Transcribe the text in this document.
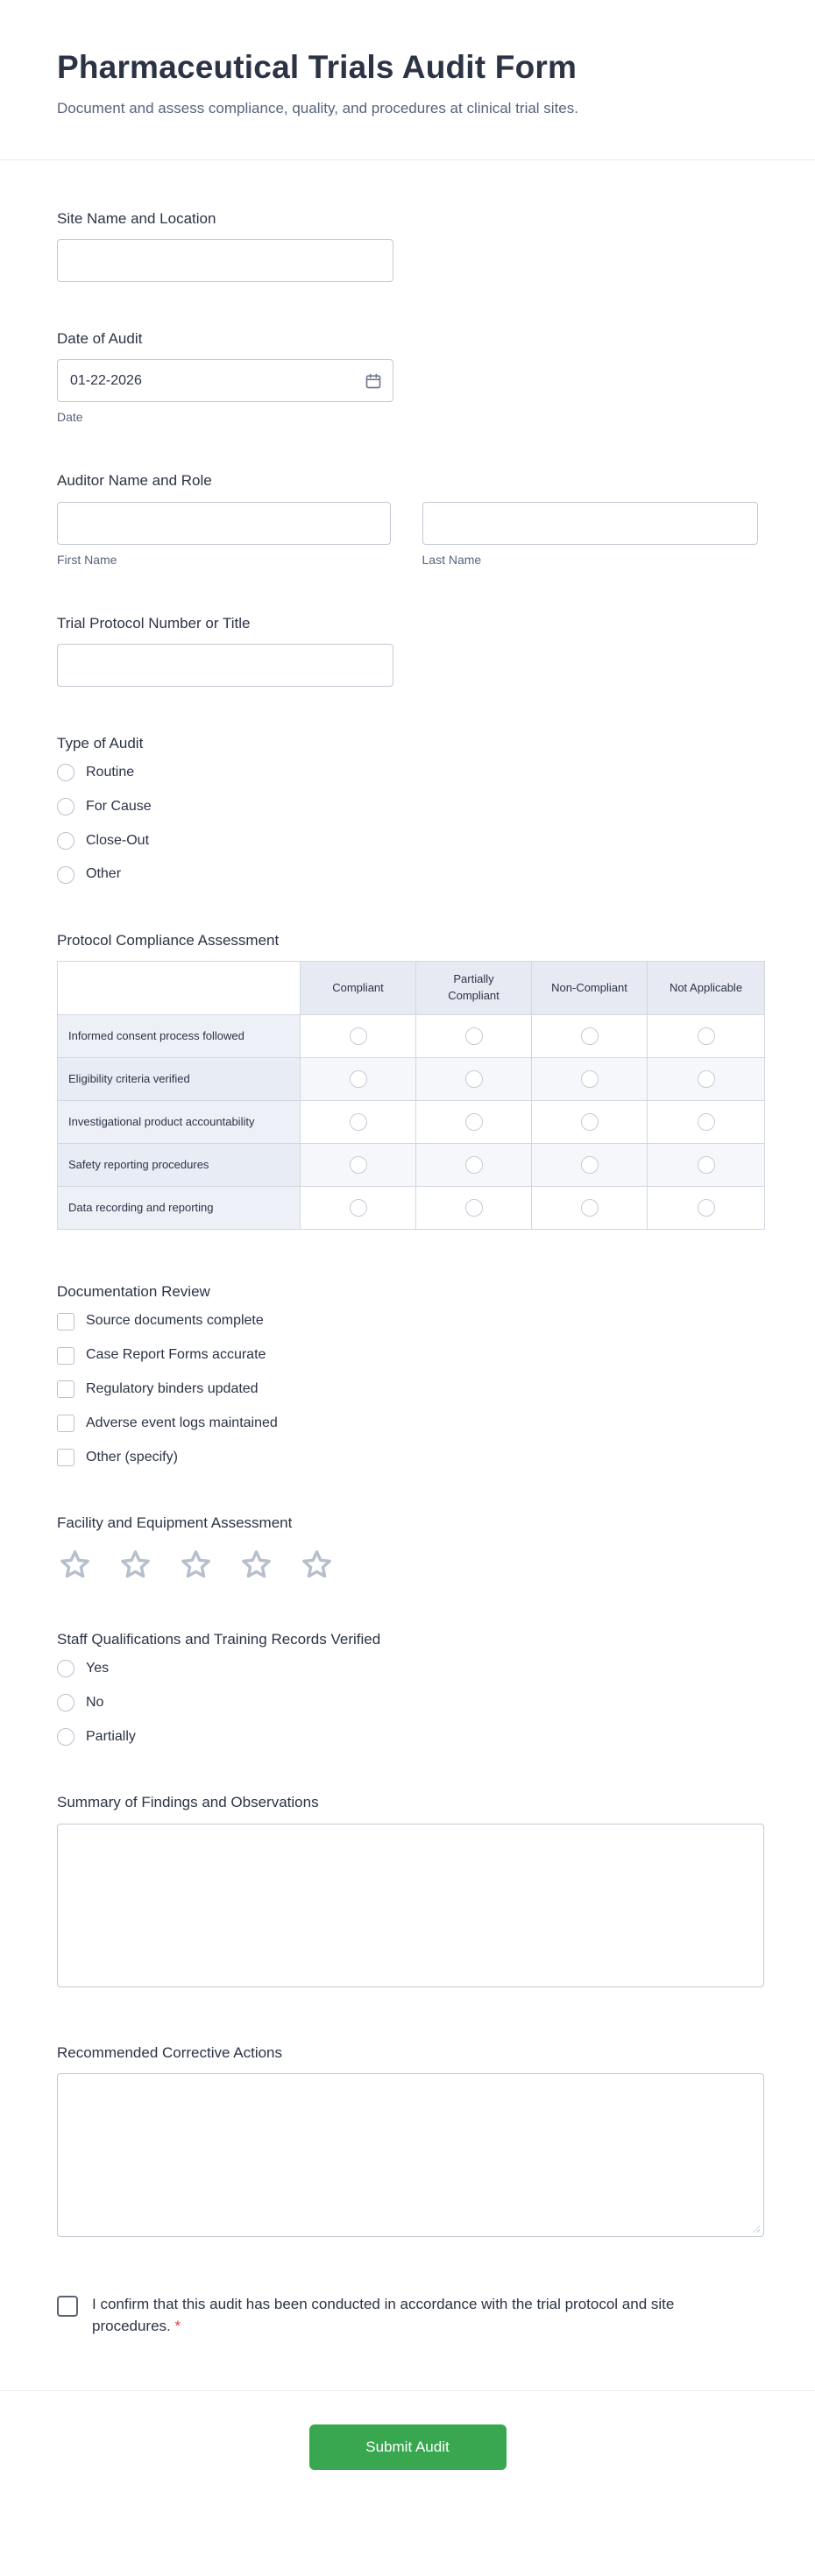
Pharmaceutical Trials Audit Form

Document and assess compliance, quality, and procedures at clinical trial sites.

Site Name and Location
Date of Audit
01-22-2026
Date
Auditor Name and Role
First Name	Last Name
Trial Protocol Number or Title
Type of Audit
Routine
For Cause
Close-Out
Other
Protocol Compliance Assessment
	Compliant	Partially Compliant	Non-Compliant	Not Applicable
Informed consent process followed				
Eligibility criteria verified				
Investigational product accountability				
Safety reporting procedures				
Data recording and reporting				
Documentation Review
Source documents complete
Case Report Forms accurate
Regulatory binders updated
Adverse event logs maintained
Other (specify)
Facility and Equipment Assessment
Staff Qualifications and Training Records Verified
Yes
No
Partially
Summary of Findings and Observations
Recommended Corrective Actions
I confirm that this audit has been conducted in accordance with the trial protocol and site procedures. *
Submit Audit
